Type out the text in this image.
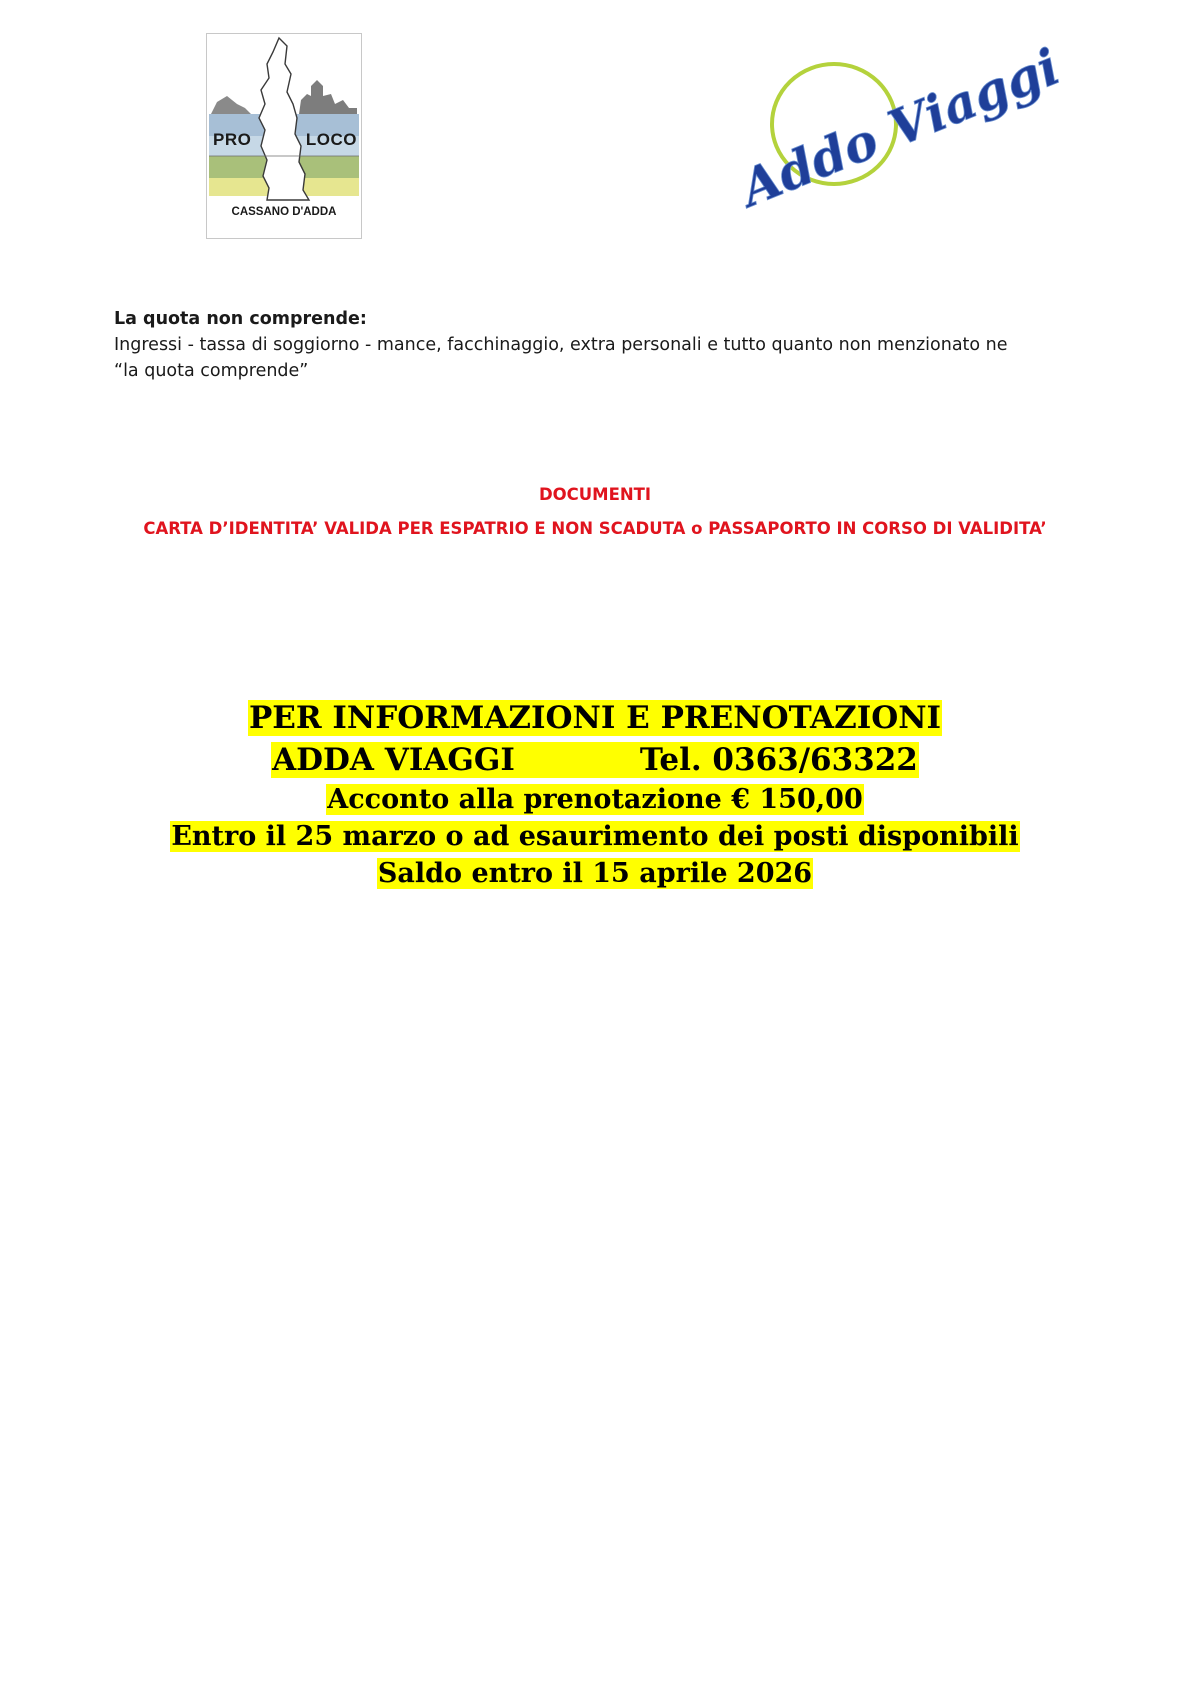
PRO	LOCO
CASSANO D'ADDA	Addo Viaggi
La quota non comprende:
Ingressi - tassa di soggiorno - mance, facchinaggio, extra personali e tutto quanto non menzionato ne
“la quota comprende”
DOCUMENTI
CARTA D’IDENTITA’ VALIDA PER ESPATRIO E NON SCADUTA o PASSAPORTO IN CORSO DI VALIDITA’
PER INFORMAZIONI E PRENOTAZIONI
ADDA VIAGGI	Tel. 0363/63322
Acconto alla prenotazione € 150,00
Entro il 25 marzo o ad esaurimento dei posti disponibili
Saldo entro il 15 aprile 2026
